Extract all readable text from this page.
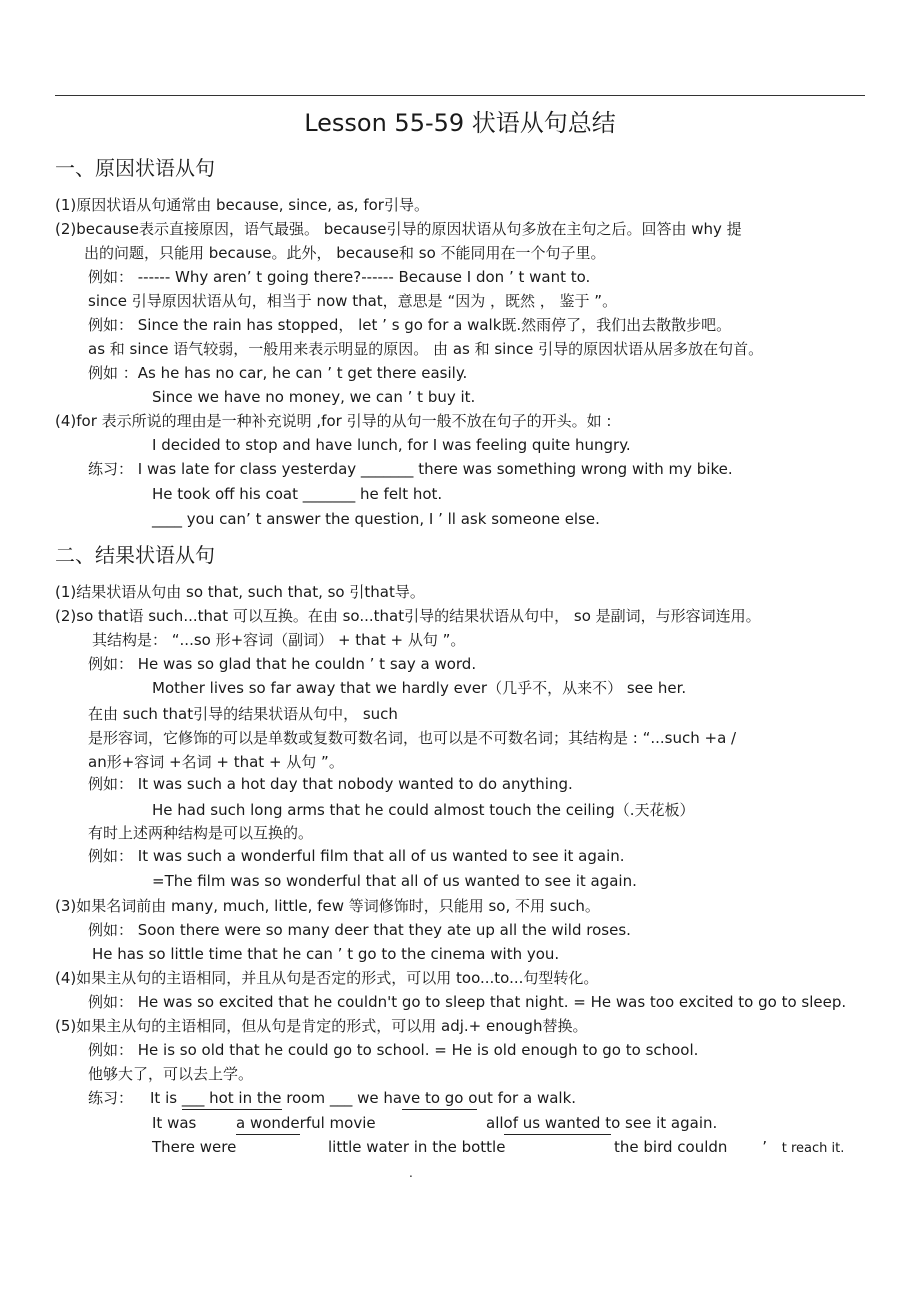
Lesson 55-59 状语从句总结
一、原因状语从句
(1)原因状语从句通常由 because, since, as, for引导。
(2)because表示直接原因，语气最强。 because引导的原因状语从句多放在主句之后。回答由 why 提
出的问题，只能用 because。此外， because和 so 不能同用在一个句子里。
例如： ------ Why aren’ t going there?------ Because I don ’ t want to.
since 引导原因状语从句，相当于 now that，意思是 “因为 ，既然 ， 鉴于 ”。
例如： Since the rain has stopped， let ’ s go for a walk既.然雨停了，我们出去散散步吧。
as 和 since 语气较弱，一般用来表示明显的原因。 由 as 和 since 引导的原因状语从居多放在句首。
例如 ：As he has no car, he can ’ t get there easily.
Since we have no money, we can ’ t buy it.
(4)for 表示所说的理由是一种补充说明 ,for 引导的从句一般不放在句子的开头。如 :
I decided to stop and have lunch, for I was feeling quite hungry.
练习： I was late for class yesterday _______ there was something wrong with my bike.
He took off his coat _______ he felt hot.
____ you can’ t answer the question, I ’ ll ask someone else.
二、结果状语从句
(1)结果状语从句由 so that, such that, so 引that导。
(2)so that语 such...that 可以互换。在由 so...that引导的结果状语从句中， so 是副词，与形容词连用。
其结构是： “...so 形+容词（副词） + that + 从句 ”。
例如： He was so glad that he couldn ’ t say a word.
Mother lives so far away that we hardly ever（几乎不，从来不） see her.
在由 such that引导的结果状语从句中， such
是形容词，它修饰的可以是单数或复数可数名词，也可以是不可数名词；其结构是 : “...such +a /
an形+容词 +名词 + that + 从句 ”。
例如： It was such a hot day that nobody wanted to do anything.
He had such long arms that he could almost touch the ceiling（.天花板）
有时上述两种结构是可以互换的。
例如： It was such a wonderful film that all of us wanted to see it again.
=The film was so wonderful that all of us wanted to see it again.
(3)如果名词前由 many, much, little, few 等词修饰时，只能用 so, 不用 such。
例如： Soon there were so many deer that they ate up all the wild roses.
He has so little time that he can ’ t go to the cinema with you.
(4)如果主从句的主语相同，并且从句是否定的形式，可以用 too...to...句型转化。
例如： He was so excited that he couldn't go to sleep that night. = He was too excited to go to sleep.
(5)如果主从句的主语相同，但从句是肯定的形式，可以用 adj.+ enough替换。
例如： He is so old that he could go to school. = He is old enough to go to school.
他够大了，可以去上学。
练习： It is ___ hot in the room ___ we have to go out for a walk.
It was	a wonderful movie	allof us wanted to see it again.
There were	little water in the bottle	the bird couldn ’ t reach it.
.
